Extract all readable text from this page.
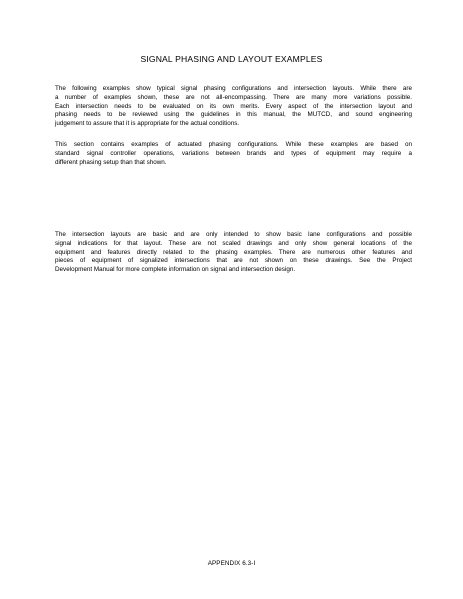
SIGNAL PHASING AND LAYOUT EXAMPLES

The following examples show typical signal phasing configurations and intersection layouts. While there are
a number of examples shown, these are not all-encompassing. There are many more variations possible.
Each intersection needs to be evaluated on its own merits. Every aspect of the intersection layout and
phasing needs to be reviewed using the guidelines in this manual, the MUTCD, and sound engineering
judgement to assure that it is appropriate for the actual conditions.

This section contains examples of actuated phasing configurations. While these examples are based on
standard signal controller operations, variations between brands and types of equipment may require a
different phasing setup than that shown.

The intersection layouts are basic and are only intended to show basic lane configurations and possible
signal indications for that layout. These are not scaled drawings and only show general locations of the
equipment and features directly related to the phasing examples. There are numerous other features and
pieces of equipment of signalized intersections that are not shown on these drawings. See the Project
Development Manual for more complete information on signal and intersection design.

APPENDIX 6.3-I
